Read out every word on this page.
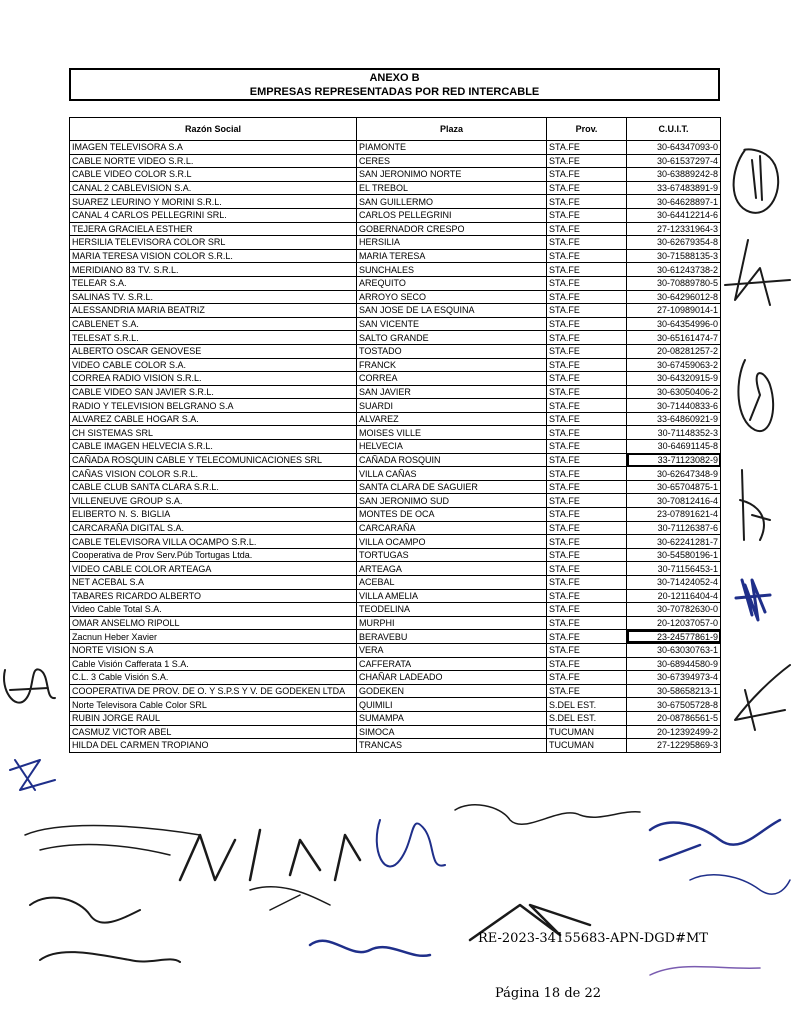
ANEXO B
EMPRESAS REPRESENTADAS POR RED INTERCABLE
Razón Social	Plaza	Prov.	C.U.I.T.
IMAGEN TELEVISORA S.A	PIAMONTE	STA.FE	30-64347093-0
CABLE NORTE VIDEO S.R.L.	CERES	STA.FE	30-61537297-4
CABLE VIDEO COLOR S.R.L	SAN JERONIMO NORTE	STA.FE	30-63889242-8
CANAL 2 CABLEVISION S.A.	EL TREBOL	STA.FE	33-67483891-9
SUAREZ LEURINO Y MORINI S.R.L.	SAN GUILLERMO	STA.FE	30-64628897-1
CANAL 4 CARLOS PELLEGRINI SRL.	CARLOS PELLEGRINI	STA.FE	30-64412214-6
TEJERA GRACIELA ESTHER	GOBERNADOR CRESPO	STA.FE	27-12331964-3
HERSILIA TELEVISORA COLOR SRL	HERSILIA	STA.FE	30-62679354-8
MARIA TERESA VISION COLOR S.R.L.	MARIA TERESA	STA.FE	30-71588135-3
MERIDIANO 83 TV. S.R.L.	SUNCHALES	STA.FE	30-61243738-2
TELEAR S.A.	AREQUITO	STA.FE	30-70889780-5
SALINAS TV. S.R.L.	ARROYO SECO	STA.FE	30-64296012-8
ALESSANDRIA MARIA BEATRIZ	SAN JOSE DE LA ESQUINA	STA.FE	27-10989014-1
CABLENET S.A.	SAN VICENTE	STA.FE	30-64354996-0
TELESAT S.R.L.	SALTO GRANDE	STA.FE	30-65161474-7
ALBERTO OSCAR GENOVESE	TOSTADO	STA.FE	20-08281257-2
VIDEO CABLE COLOR S.A.	FRANCK	STA.FE	30-67459063-2
CORREA RADIO VISION S.R.L.	CORREA	STA.FE	30-64320915-9
CABLE VIDEO SAN JAVIER S.R.L.	SAN JAVIER	STA.FE	30-63050406-2
RADIO Y TELEVISION BELGRANO S.A	SUARDI	STA.FE	30-71440833-6
ALVAREZ CABLE HOGAR S.A.	ALVAREZ	STA.FE	33-64860921-9
CH SISTEMAS SRL	MOISES VILLE	STA.FE	30-71148352-3
CABLE IMAGEN HELVECIA S.R.L.	HELVECIA	STA.FE	30-64691145-8
CAÑADA ROSQUIN CABLE Y TELECOMUNICACIONES SRL	CAÑADA ROSQUIN	STA.FE	33-71123082-9
CAÑAS VISION COLOR S.R.L.	VILLA CAÑAS	STA.FE	30-62647348-9
CABLE CLUB SANTA CLARA S.R.L.	SANTA CLARA DE SAGUIER	STA.FE	30-65704875-1
VILLENEUVE GROUP S.A.	SAN JERONIMO SUD	STA.FE	30-70812416-4
ELIBERTO N. S. BIGLIA	MONTES DE OCA	STA.FE	23-07891621-4
CARCARAÑA DIGITAL S.A.	CARCARAÑA	STA.FE	30-71126387-6
CABLE TELEVISORA VILLA OCAMPO S.R.L.	VILLA OCAMPO	STA.FE	30-62241281-7
Cooperativa de Prov Serv.Púb Tortugas Ltda.	TORTUGAS	STA.FE	30-54580196-1
VIDEO CABLE COLOR ARTEAGA	ARTEAGA	STA.FE	30-71156453-1
NET ACEBAL S.A	ACEBAL	STA.FE	30-71424052-4
TABARES RICARDO ALBERTO	VILLA AMELIA	STA.FE	20-12116404-4
Video Cable Total S.A.	TEODELINA	STA.FE	30-70782630-0
OMAR ANSELMO RIPOLL	MURPHI	STA.FE	20-12037057-0
Zacnun Heber Xavier	BERAVEBU	STA.FE	23-24577861-9
NORTE VISION S.A	VERA	STA.FE	30-63030763-1
Cable Visión Cafferata 1 S.A.	CAFFERATA	STA.FE	30-68944580-9
C.L. 3 Cable Visión S.A.	CHAÑAR LADEADO	STA.FE	30-67394973-4
COOPERATIVA DE PROV. DE O. Y S.P.S Y V. DE GODEKEN LTDA	GODEKEN	STA.FE	30-58658213-1
Norte Televisora Cable Color SRL	QUIMILI	S.DEL EST.	30-67505728-8
RUBIN JORGE RAUL	SUMAMPA	S.DEL EST.	20-08786561-5
CASMUZ VICTOR ABEL	SIMOCA	TUCUMAN	20-12392499-2
HILDA DEL CARMEN TROPIANO	TRANCAS	TUCUMAN	27-12295869-3
RE-2023-34155683-APN-DGD#MT
Página 18 de 22
